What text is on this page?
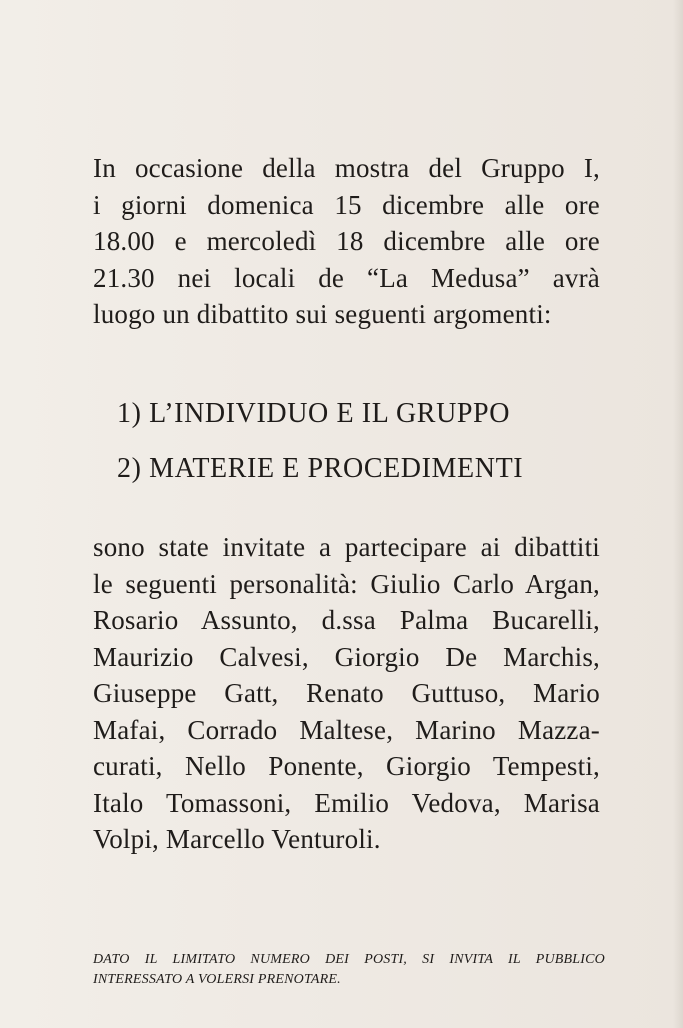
In occasione della mostra del Gruppo I,
i giorni domenica 15 dicembre alle ore
18.00 e mercoledì 18 dicembre alle ore
21.30 nei locali de “La Medusa” avrà
luogo un dibattito sui seguenti argomenti:

1) L’INDIVIDUO E IL GRUPPO
2) MATERIE E PROCEDIMENTI

sono state invitate a partecipare ai dibattiti
le seguenti personalità: Giulio Carlo Argan,
Rosario Assunto, d.ssa Palma Bucarelli,
Maurizio Calvesi, Giorgio De Marchis,
Giuseppe Gatt, Renato Guttuso, Mario
Mafai, Corrado Maltese, Marino Mazza-
curati, Nello Ponente, Giorgio Tempesti,
Italo Tomassoni, Emilio Vedova, Marisa
Volpi, Marcello Venturoli.

DATO IL LIMITATO NUMERO DEI POSTI, SI INVITA IL PUBBLICO
INTERESSATO A VOLERSI PRENOTARE.
